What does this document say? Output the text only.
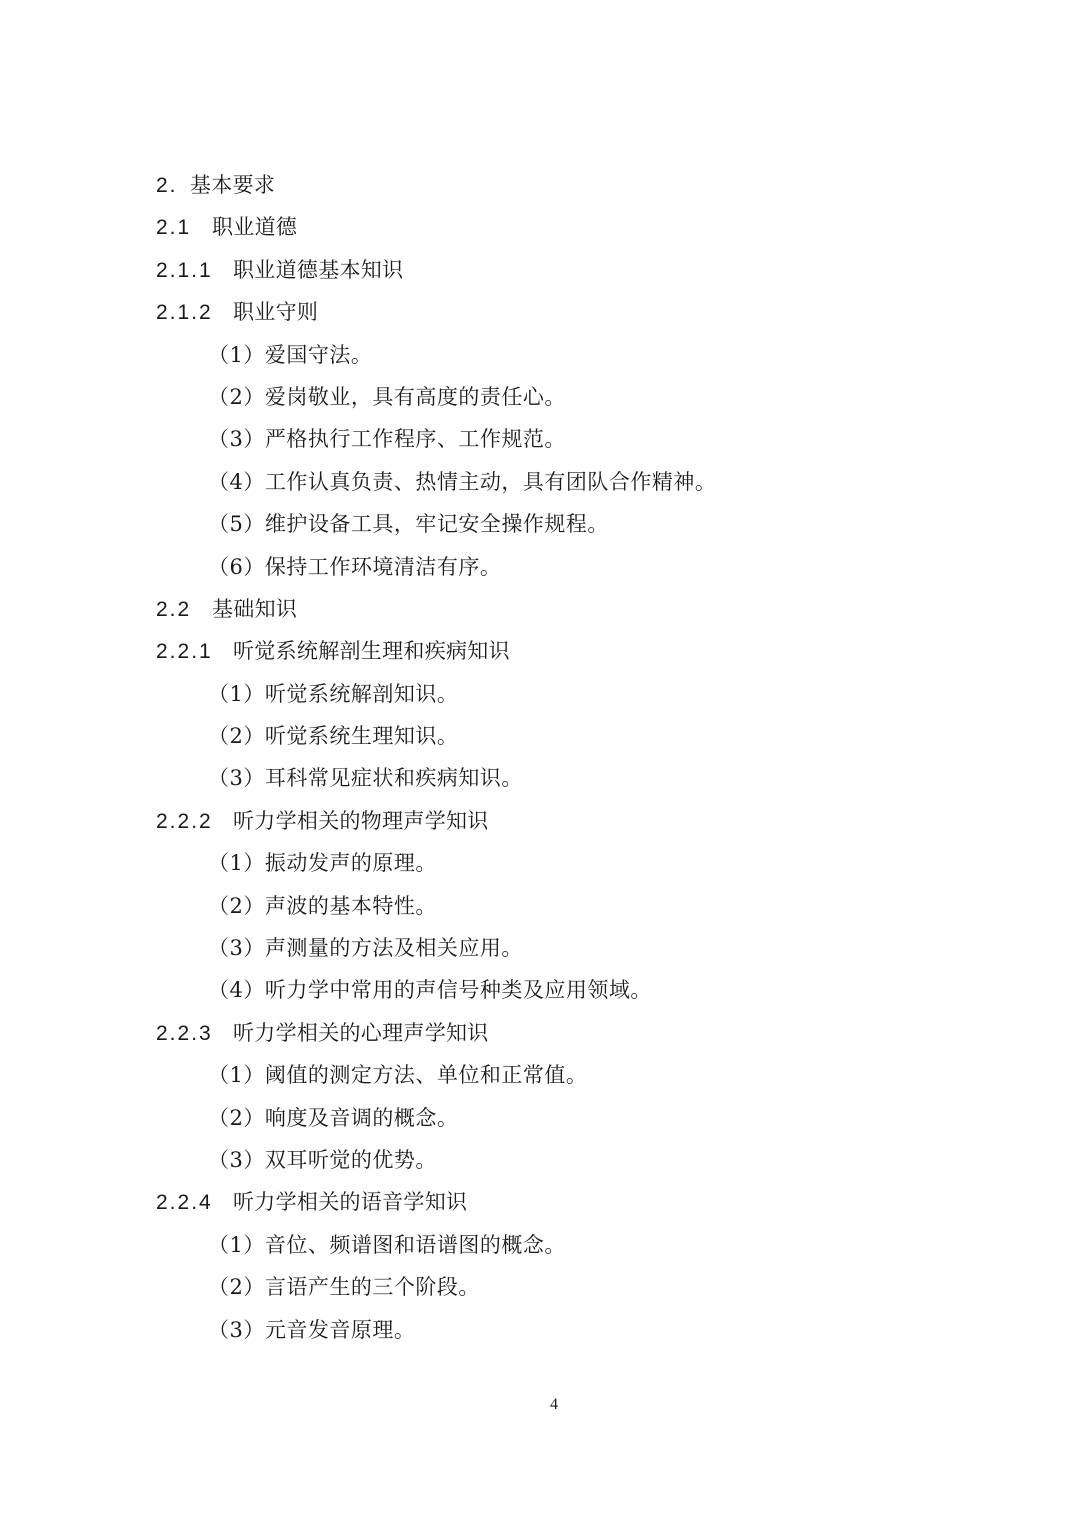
2. 基本要求
2.1 职业道德
2.1.1 职业道德基本知识
2.1.2 职业守则
（1）爱国守法。
（2）爱岗敬业，具有高度的责任心。
（3）严格执行工作程序、工作规范。
（4）工作认真负责、热情主动，具有团队合作精神。
（5）维护设备工具，牢记安全操作规程。
（6）保持工作环境清洁有序。
2.2 基础知识
2.2.1 听觉系统解剖生理和疾病知识
（1）听觉系统解剖知识。
（2）听觉系统生理知识。
（3）耳科常见症状和疾病知识。
2.2.2 听力学相关的物理声学知识
（1）振动发声的原理。
（2）声波的基本特性。
（3）声测量的方法及相关应用。
（4）听力学中常用的声信号种类及应用领域。
2.2.3 听力学相关的心理声学知识
（1）阈值的测定方法、单位和正常值。
（2）响度及音调的概念。
（3）双耳听觉的优势。
2.2.4 听力学相关的语音学知识
（1）音位、频谱图和语谱图的概念。
（2）言语产生的三个阶段。
（3）元音发音原理。
4
